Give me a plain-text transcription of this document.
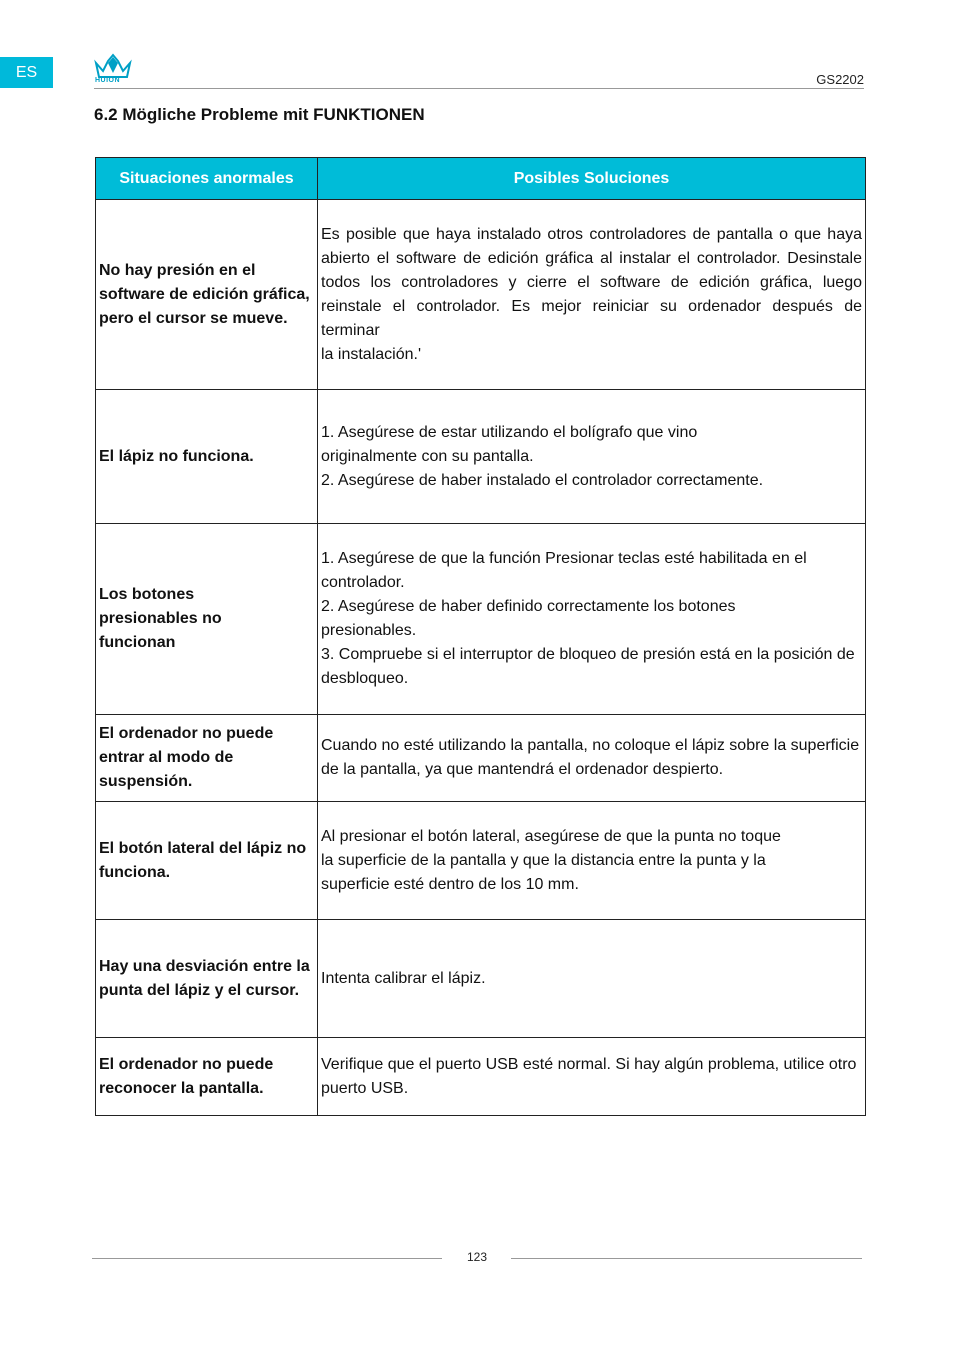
ES	HUION	GS2202
6.2 Mögliche Probleme mit FUNKTIONEN
Situaciones anormales	Posibles Soluciones
No hay presión en el software de edición gráfica, pero el cursor se mueve.	Es posible que haya instalado otros controladores de pantalla o que haya abierto el software de edición gráfica al instalar el controlador. Desinstale todos los controladores y cierre el software de edición gráfica, luego reinstale el controlador. Es mejor reiniciar su ordenador después de terminar
la instalación.'

El lápiz no funciona.	1. Asegúrese de estar utilizando el bolígrafo que vino originalmente con su pantalla.
2. Asegúrese de haber instalado el controlador correctamente.

Los botones presionables no funcionan	1. Asegúrese de que la función Presionar teclas esté habilitada en el controlador.
2. Asegúrese de haber definido correctamente los botones presionables.
3. Compruebe si el interruptor de bloqueo de presión está en la posición de desbloqueo.

El ordenador no puede entrar al modo de suspensión.	Cuando no esté utilizando la pantalla, no coloque el lápiz sobre la superficie de la pantalla, ya que mantendrá el ordenador despierto.

El botón lateral del lápiz no funciona.	Al presionar el botón lateral, asegúrese de que la punta no toque
la superficie de la pantalla y que la distancia entre la punta y la superficie esté dentro de los 10 mm.

Hay una desviación entre la punta del lápiz y el cursor.	Intenta calibrar el lápiz.

El ordenador no puede reconocer la pantalla.	Verifique que el puerto USB esté normal. Si hay algún problema, utilice otro puerto USB.
123
